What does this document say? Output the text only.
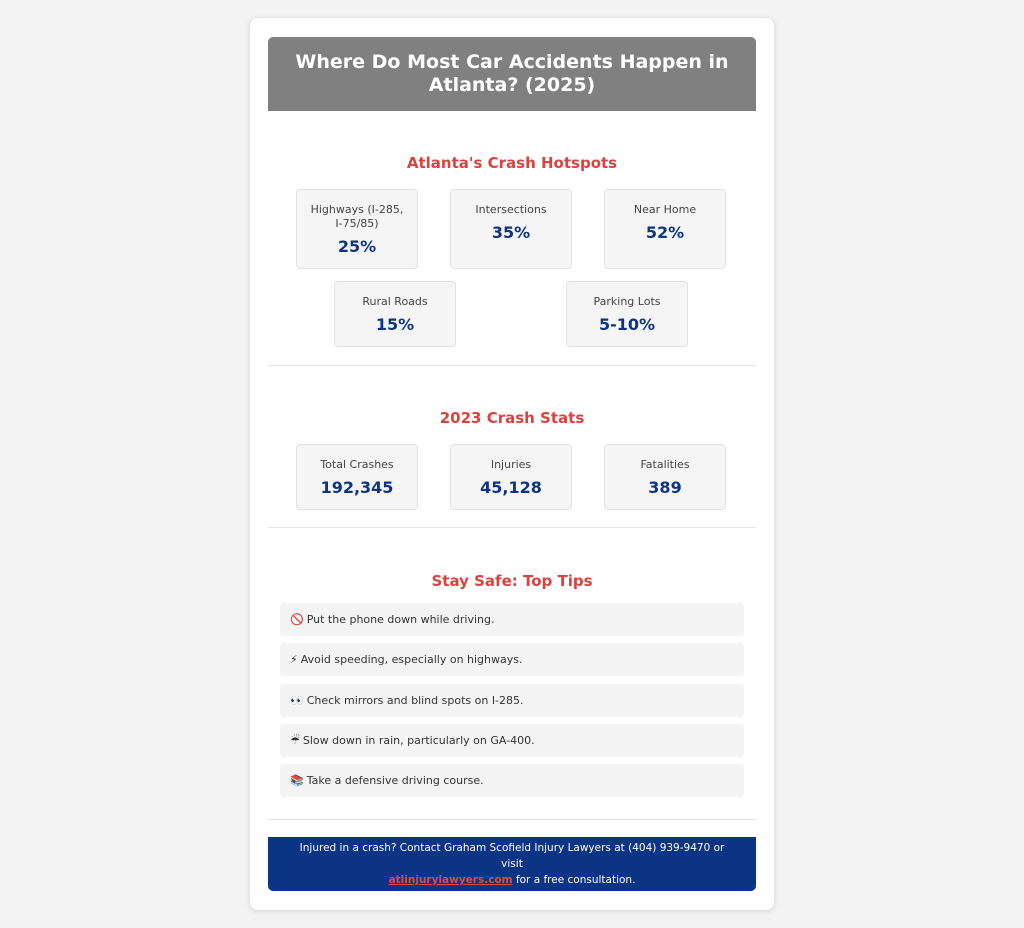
Where Do Most Car Accidents Happen in Atlanta? (2025)
Atlanta's Crash Hotspots
Highways (I-285, I-75/85)
25%
Intersections
35%
Near Home
52%
Rural Roads
15%
Parking Lots
5-10%
2023 Crash Stats
Total Crashes
192,345
Injuries
45,128
Fatalities
389
Stay Safe: Top Tips
🚫 Put the phone down while driving.
⚡ Avoid speeding, especially on highways.
👀 Check mirrors and blind spots on I-285.
☔ Slow down in rain, particularly on GA-400.
📚 Take a defensive driving course.
Injured in a crash? Contact Graham Scofield Injury Lawyers at (404) 939-9470 or visit
atlinjurylawyers.com for a free consultation.
